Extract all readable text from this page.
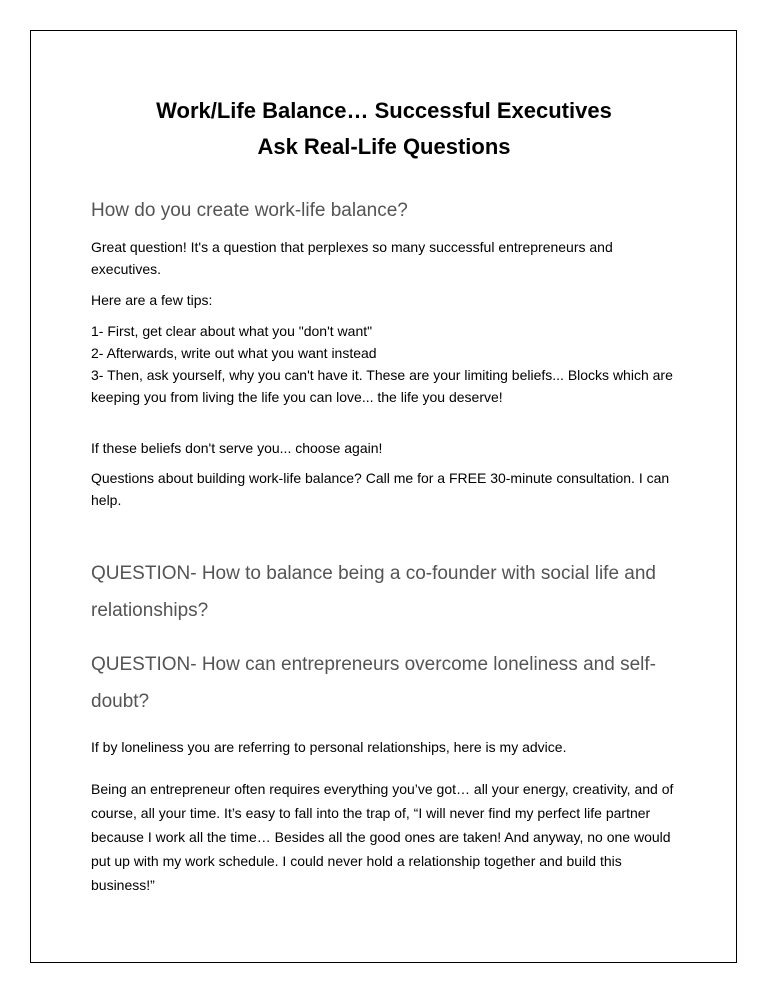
Work/Life Balance… Successful Executives
Ask Real-Life Questions
How do you create work-life balance?

Great question! It's a question that perplexes so many successful entrepreneurs and executives.

Here are a few tips:

1- First, get clear about what you "don't want"

2- Afterwards, write out what you want instead

3- Then, ask yourself, why you can't have it. These are your limiting beliefs... Blocks which are keeping you from living the life you can love... the life you deserve!

If these beliefs don't serve you... choose again!

Questions about building work-life balance? Call me for a FREE 30-minute consultation. I can help.

QUESTION- How to balance being a co-founder with social life and relationships?
QUESTION- How can entrepreneurs overcome loneliness and self-doubt?

If by loneliness you are referring to personal relationships, here is my advice.

Being an entrepreneur often requires everything you’ve got… all your energy, creativity, and of course, all your time. It’s easy to fall into the trap of, “I will never find my perfect life partner because I work all the time… Besides all the good ones are taken! And anyway, no one would put up with my work schedule. I could never hold a relationship together and build this business!”
